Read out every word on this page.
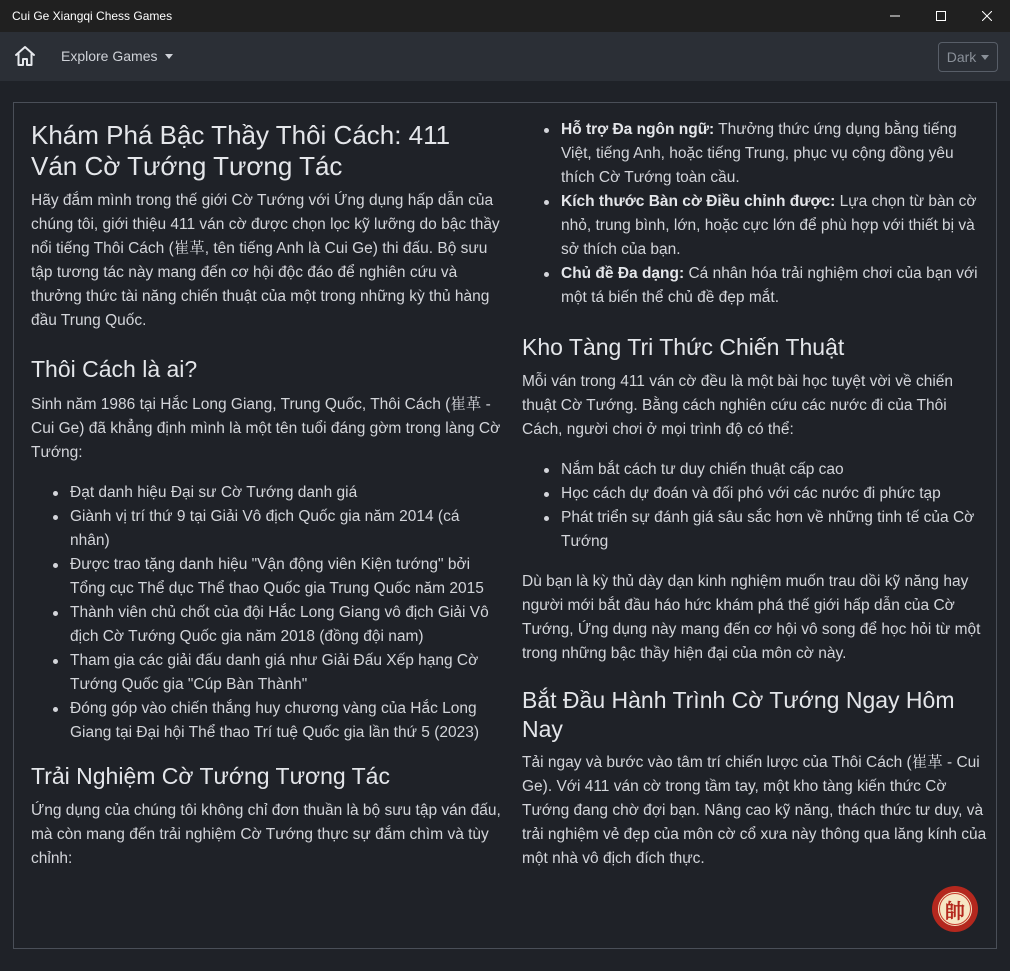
Cui Ge Xiangqi Chess Games
Explore Games	Dark
Khám Phá Bậc Thầy Thôi Cách: 411 Ván Cờ Tướng Tương Tác

Hãy đắm mình trong thế giới Cờ Tướng với Ứng dụng hấp dẫn của chúng tôi, giới thiệu 411 ván cờ được chọn lọc kỹ lưỡng do bậc thầy nổi tiếng Thôi Cách (崔革, tên tiếng Anh là Cui Ge) thi đấu. Bộ sưu tập tương tác này mang đến cơ hội độc đáo để nghiên cứu và thưởng thức tài năng chiến thuật của một trong những kỳ thủ hàng đầu Trung Quốc.

Thôi Cách là ai?

Sinh năm 1986 tại Hắc Long Giang, Trung Quốc, Thôi Cách (崔革 - Cui Ge) đã khẳng định mình là một tên tuổi đáng gờm trong làng Cờ Tướng:

Đạt danh hiệu Đại sư Cờ Tướng danh giá
Giành vị trí thứ 9 tại Giải Vô địch Quốc gia năm 2014 (cá nhân)
Được trao tặng danh hiệu "Vận động viên Kiện tướng" bởi Tổng cục Thể dục Thể thao Quốc gia Trung Quốc năm 2015
Thành viên chủ chốt của đội Hắc Long Giang vô địch Giải Vô địch Cờ Tướng Quốc gia năm 2018 (đồng đội nam)
Tham gia các giải đấu danh giá như Giải Đấu Xếp hạng Cờ Tướng Quốc gia "Cúp Bàn Thành"
Đóng góp vào chiến thắng huy chương vàng của Hắc Long Giang tại Đại hội Thể thao Trí tuệ Quốc gia lần thứ 5 (2023)
Trải Nghiệm Cờ Tướng Tương Tác

Ứng dụng của chúng tôi không chỉ đơn thuần là bộ sưu tập ván đấu, mà còn mang đến trải nghiệm Cờ Tướng thực sự đắm chìm và tùy chỉnh:

Hỗ trợ Đa ngôn ngữ: Thưởng thức ứng dụng bằng tiếng Việt, tiếng Anh, hoặc tiếng Trung, phục vụ cộng đồng yêu thích Cờ Tướng toàn cầu.
Kích thước Bàn cờ Điều chỉnh được: Lựa chọn từ bàn cờ nhỏ, trung bình, lớn, hoặc cực lớn để phù hợp với thiết bị và sở thích của bạn.
Chủ đề Đa dạng: Cá nhân hóa trải nghiệm chơi của bạn với một tá biến thể chủ đề đẹp mắt.
Kho Tàng Tri Thức Chiến Thuật

Mỗi ván trong 411 ván cờ đều là một bài học tuyệt vời về chiến thuật Cờ Tướng. Bằng cách nghiên cứu các nước đi của Thôi Cách, người chơi ở mọi trình độ có thể:

Nắm bắt cách tư duy chiến thuật cấp cao
Học cách dự đoán và đối phó với các nước đi phức tạp
Phát triển sự đánh giá sâu sắc hơn về những tinh tế của Cờ Tướng

Dù bạn là kỳ thủ dày dạn kinh nghiệm muốn trau dồi kỹ năng hay người mới bắt đầu háo hức khám phá thế giới hấp dẫn của Cờ Tướng, Ứng dụng này mang đến cơ hội vô song để học hỏi từ một trong những bậc thầy hiện đại của môn cờ này.

Bắt Đầu Hành Trình Cờ Tướng Ngay Hôm Nay

Tải ngay và bước vào tâm trí chiến lược của Thôi Cách (崔革 - Cui Ge). Với 411 ván cờ trong tầm tay, một kho tàng kiến thức Cờ Tướng đang chờ đợi bạn. Nâng cao kỹ năng, thách thức tư duy, và trải nghiệm vẻ đẹp của môn cờ cổ xưa này thông qua lăng kính của một nhà vô địch đích thực.

帥
